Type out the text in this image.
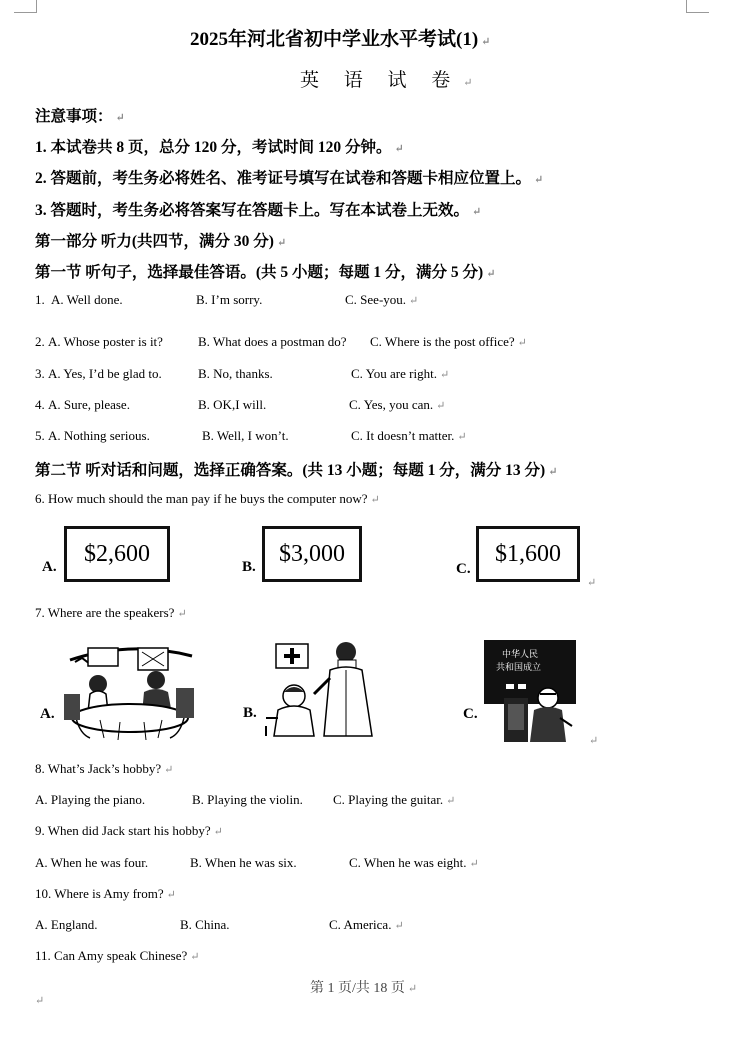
2025年河北省初中学业水平考试(1) ↵
英 语 试 卷 ↵
注意事项： ↵
1. 本试卷共 8 页，总分 120 分，考试时间 120 分钟。 ↵
2. 答题前，考生务必将姓名、准考证号填写在试卷和答题卡相应位置上。 ↵
3. 答题时，考生务必将答案写在答题卡上。写在本试卷上无效。 ↵
第一部分 听力(共四节，满分 30 分) ↵
第一节 听句子，选择最佳答语。(共 5 小题；每题 1 分，满分 5 分) ↵
1. A. Well done.	B. I’m sorry.	C. See-you. ↵
2. A. Whose poster is it?	B. What does a postman do? C. Where is the post office? ↵
3. A. Yes, I’d be glad to.	B. No, thanks.	C. You are right. ↵
4. A. Sure, please.	B. OK,I will.	C. Yes, you can. ↵
5. A. Nothing serious.	B. Well, I won’t.	C. It doesn’t matter. ↵
第二节 听对话和问题，选择正确答案。(共 13 小题；每题 1 分，满分 13 分) ↵
6. How much should the man pay if he buys the computer now? ↵
A.	$2,600	B. $3,000
C.
$1,600
↵
7. Where are the speakers? ↵
A.	B.	C.
中华人民
共和国成立
↵
8. What’s Jack’s hobby? ↵
A. Playing the piano.	B. Playing the violin. C. Playing the guitar. ↵
9. When did Jack start his hobby? ↵
A. When he was four.	B. When he was six.	C. When he was eight. ↵
10. Where is Amy from? ↵
A. England.	B. China.	C. America. ↵
11. Can Amy speak Chinese? ↵
第 1 页/共 18 页 ↵
↵
